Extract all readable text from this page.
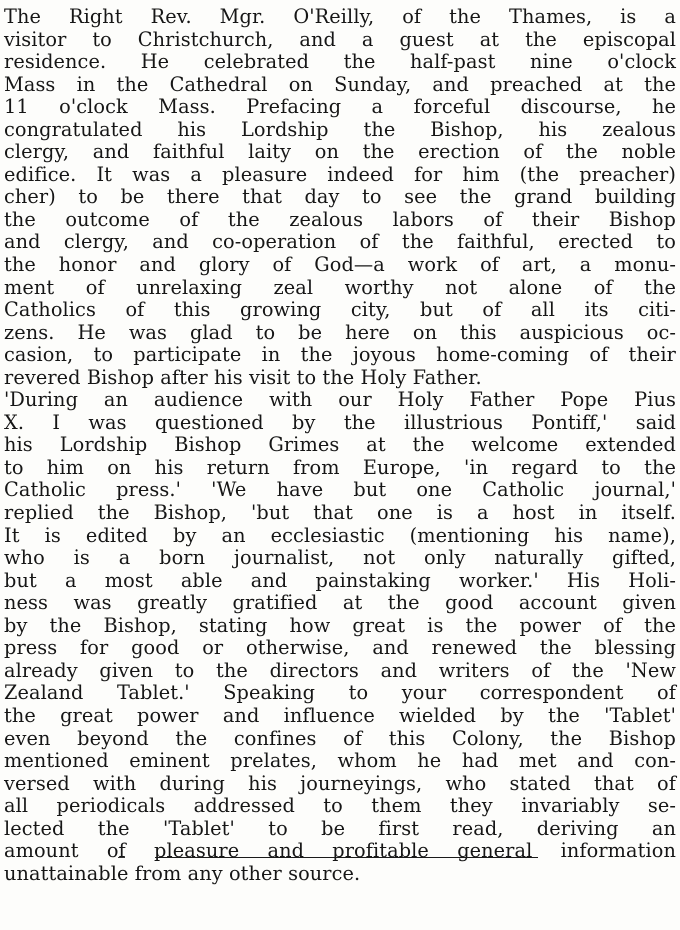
The Right Rev. Mgr. O'Reilly, of the Thames, is a
visitor to Christchurch, and a guest at the episcopal
residence. He celebrated the half-past nine o'clock
Mass in the Cathedral on Sunday, and preached at the
11 o'clock Mass. Prefacing a forceful discourse, he
congratulated his Lordship the Bishop, his zealous
clergy, and faithful laity on the erection of the noble
edifice. It was a pleasure indeed for him (the preacher)
cher) to be there that day to see the grand building
the outcome of the zealous labors of their Bishop
and clergy, and co-operation of the faithful, erected to
the honor and glory of God—a work of art, a monu-
ment of unrelaxing zeal worthy not alone of the
Catholics of this growing city, but of all its citi-
zens. He was glad to be here on this auspicious oc-
casion, to participate in the joyous home-coming of their
revered Bishop after his visit to the Holy Father.
'During an audience with our Holy Father Pope Pius
X. I was questioned by the illustrious Pontiff,' said
his Lordship Bishop Grimes at the welcome extended
to him on his return from Europe, 'in regard to the
Catholic press.' 'We have but one Catholic journal,'
replied the Bishop, 'but that one is a host in itself.
It is edited by an ecclesiastic (mentioning his name),
who is a born journalist, not only naturally gifted,
but a most able and painstaking worker.' His Holi-
ness was greatly gratified at the good account given
by the Bishop, stating how great is the power of the
press for good or otherwise, and renewed the blessing
already given to the directors and writers of the 'New
Zealand Tablet.' Speaking to your correspondent of
the great power and influence wielded by the 'Tablet'
even beyond the confines of this Colony, the Bishop
mentioned eminent prelates, whom he had met and con-
versed with during his journeyings, who stated that of
all periodicals addressed to them they invariably se-
lected the 'Tablet' to be first read, deriving an
amount of pleasure and profitable general information
unattainable from any other source.
